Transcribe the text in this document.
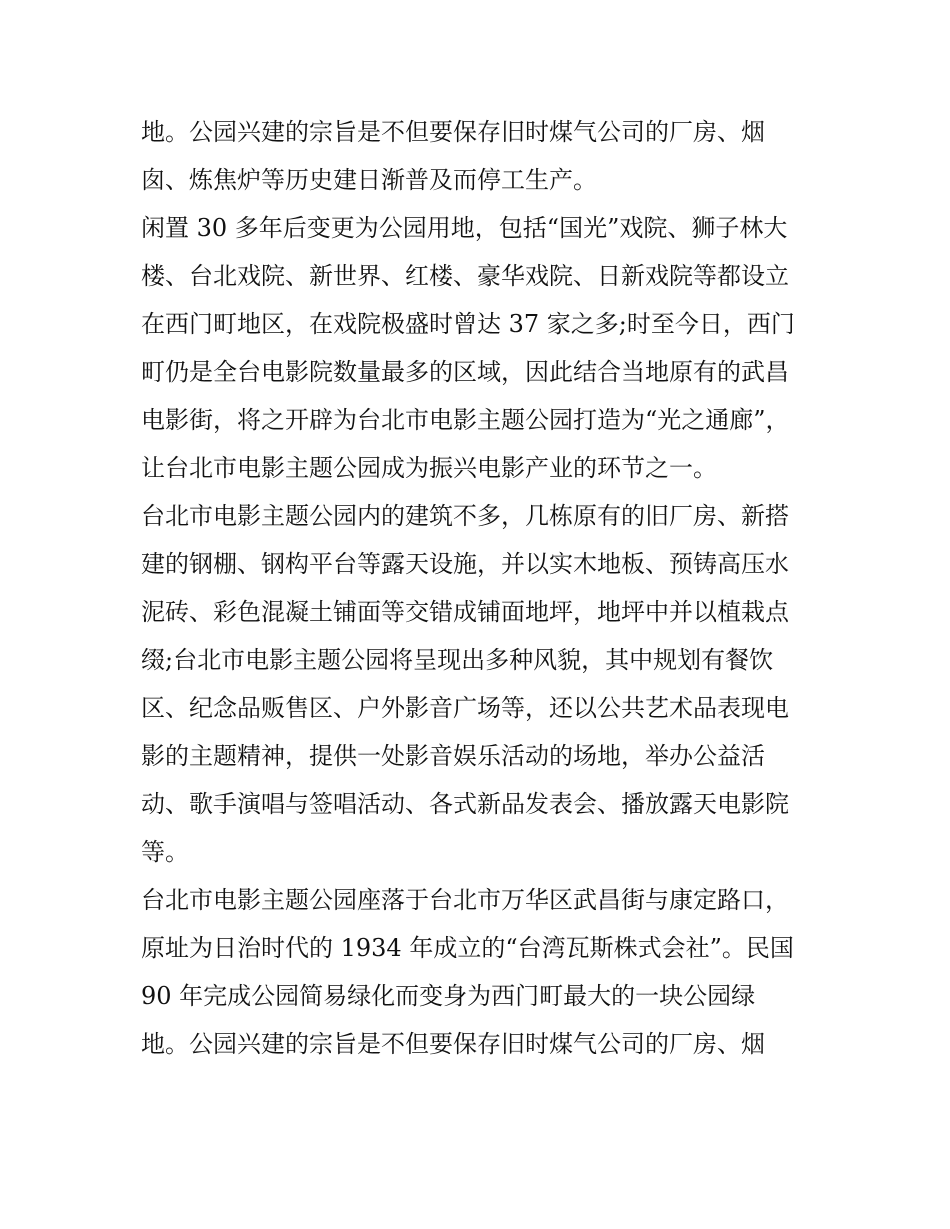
地。公园兴建的宗旨是不但要保存旧时煤气公司的厂房、烟
囱、炼焦炉等历史建日渐普及而停工生产。
闲置 30 多年后变更为公园用地，包括“国光”戏院、狮子林大
楼、台北戏院、新世界、红楼、豪华戏院、日新戏院等都设立
在西门町地区，在戏院极盛时曾达 37 家之多;时至今日，西门
町仍是全台电影院数量最多的区域，因此结合当地原有的武昌
电影街，将之开辟为台北市电影主题公园打造为“光之通廊”，
让台北市电影主题公园成为振兴电影产业的环节之一。
台北市电影主题公园内的建筑不多，几栋原有的旧厂房、新搭
建的钢棚、钢构平台等露天设施，并以实木地板、预铸高压水
泥砖、彩色混凝土铺面等交错成铺面地坪，地坪中并以植栽点
缀;台北市电影主题公园将呈现出多种风貌，其中规划有餐饮
区、纪念品贩售区、户外影音广场等，还以公共艺术品表现电
影的主题精神，提供一处影音娱乐活动的场地，举办公益活
动、歌手演唱与签唱活动、各式新品发表会、播放露天电影院
等。
台北市电影主题公园座落于台北市万华区武昌街与康定路口，
原址为日治时代的 1934 年成立的“台湾瓦斯株式会社”。民国
90 年完成公园简易绿化而变身为西门町最大的一块公园绿
地。公园兴建的宗旨是不但要保存旧时煤气公司的厂房、烟
